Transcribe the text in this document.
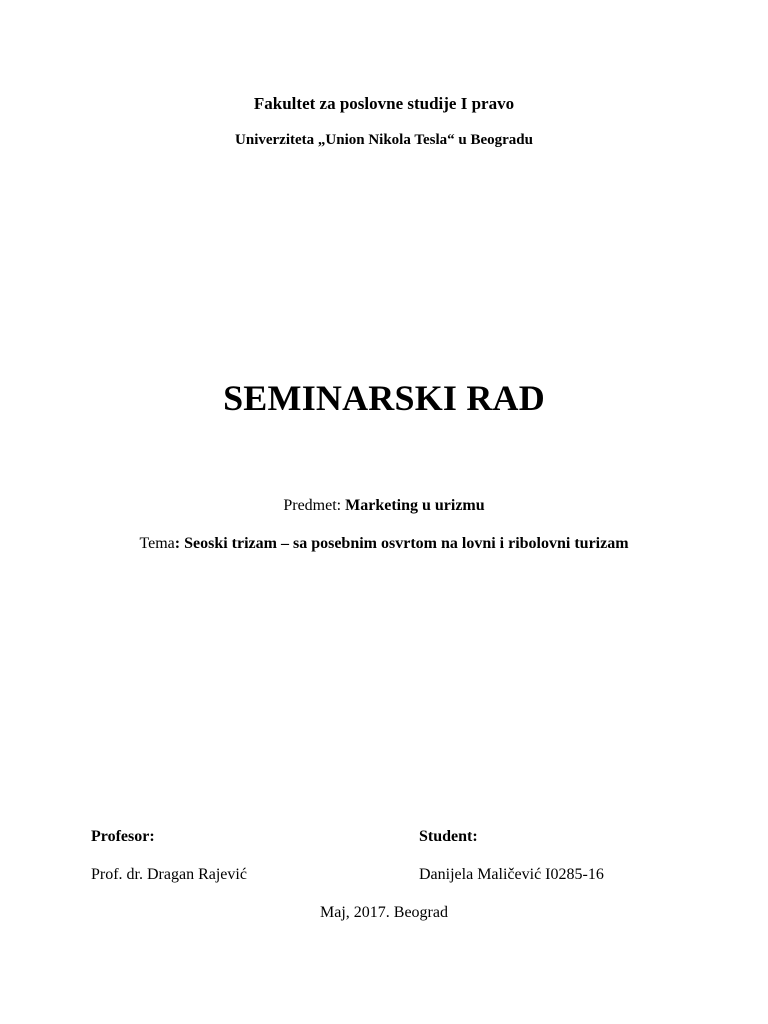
Fakultet za poslovne studije I pravo
Univerziteta „Union Nikola Tesla“ u Beogradu
SEMINARSKI RAD
Predmet: Marketing u urizmu
Tema: Seoski trizam – sa posebnim osvrtom na lovni i ribolovni turizam
Profesor:	Student:
Prof. dr. Dragan Rajević	Danijela Maličević I0285-16
Maj, 2017. Beograd
